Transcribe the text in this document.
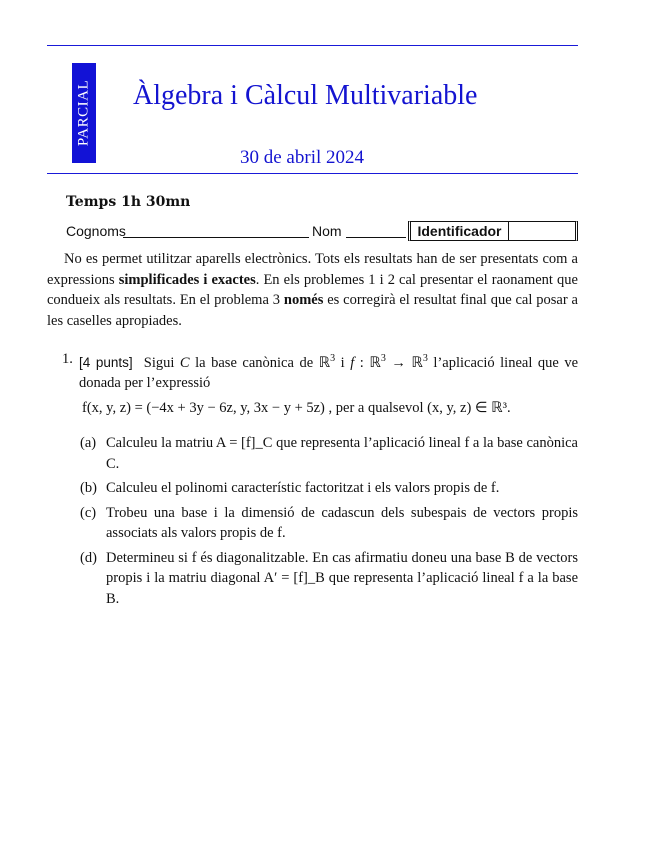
PARCIAL Àlgebra i Càlcul Multivariable
30 de abril 2024
Temps 1h 30mn
Cognoms	Nom	Identificador

No es permet utilitzar aparells electrònics. Tots els resultats han de ser presentats com a expressions simplificades i exactes. En els problemes 1 i 2 cal presentar el raonament que condueix als resultats. En el problema 3 només es corregirà el resultat final que cal posar a les caselles apropiades.

1. [4 punts] Sigui C la base canònica de ℝ$^3$ i f : ℝ$^3$ → ℝ$^3$ l’aplicació lineal que ve donada per l’expressió
f(x, y, z) = (−4x + 3y − 6z, y, 3x − y + 5z) , per a qualsevol (x, y, z) ∈ ℝ³.
(a) Calculeu la matriu A = [f]_C que representa l’aplicació lineal f a la base canònica C.
(b) Calculeu el polinomi característic factoritzat i els valors propis de f.
(c) Trobeu una base i la dimensió de cadascun dels subespais de vectors propis associats als valors propis de f.
(d) Determineu si f és diagonalitzable. En cas afirmatiu doneu una base B de vectors propis i la matriu diagonal A′ = [f]_B que representa l’aplicació lineal f a la base B.
